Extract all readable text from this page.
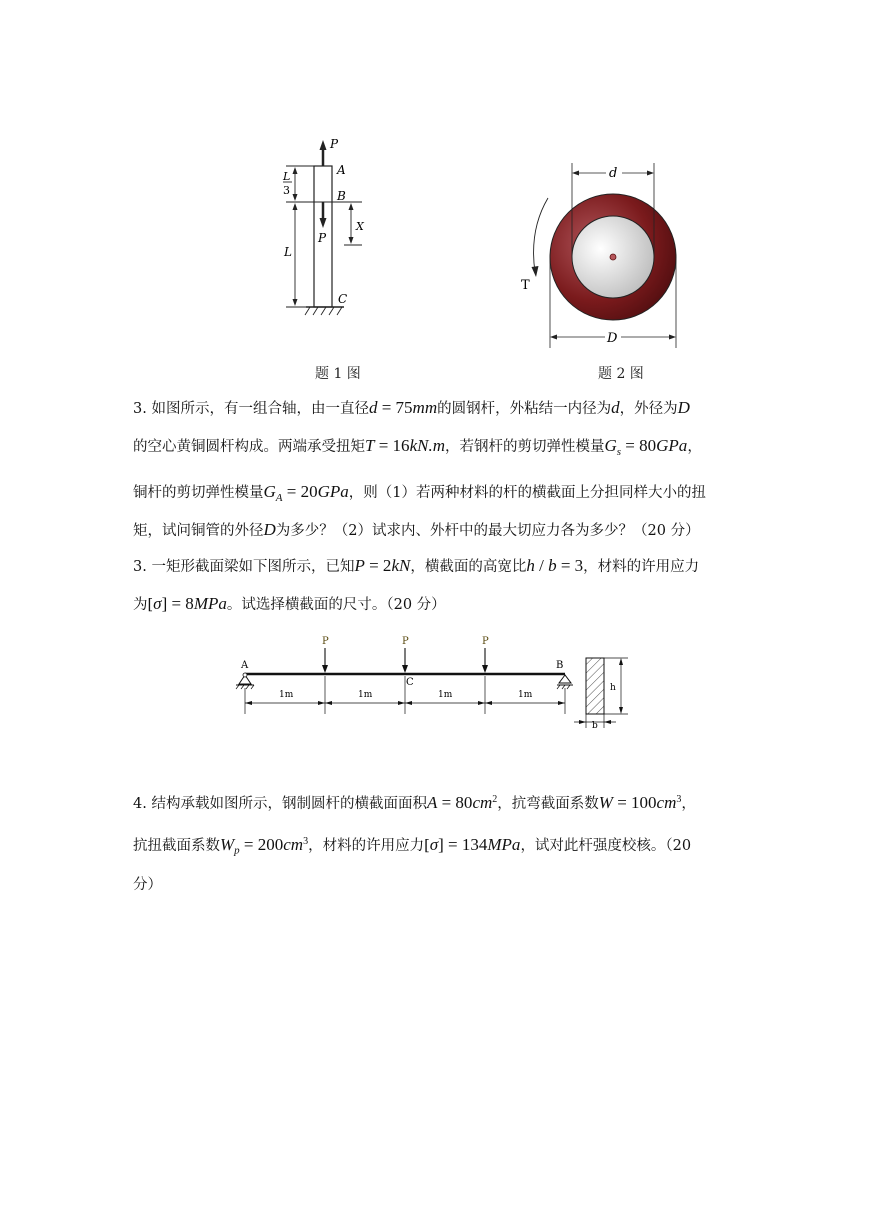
P
A
B
P
X
L
3
L
C
题 1 图
d
D
T
题 2 图
3. 如图所示，有一组合轴，由一直径d = 75mm的圆钢杆，外粘结一内径为d，外径为D
的空心黄铜圆杆构成。两端承受扭矩T = 16kN.m，若钢杆的剪切弹性模量$G_s = 80GPa$，
铜杆的剪切弹性模量$G_A = 20GPa$，则（1）若两种材料的杆的横截面上分担同样大小的扭
矩，试问铜管的外径D为多少？（2）试求内、外杆中的最大切应力各为多少？（20 分）
3. 一矩形截面梁如下图所示，已知P = 2kN，横截面的高宽比h / b = 3，材料的许用应力
为[σ] = 8MPa。试选择横截面的尺寸。（20 分）
P	P	P
A	B
C
1m	1m	1m	1m
h
b
4. 结构承载如图所示，钢制圆杆的横截面面积$A = 80cm^2$，抗弯截面系数$W = 100cm^3$，
抗扭截面系数$W_p = 200cm^3$，材料的许用应力[σ] = 134MPa，试对此杆强度校核。（20
分）
